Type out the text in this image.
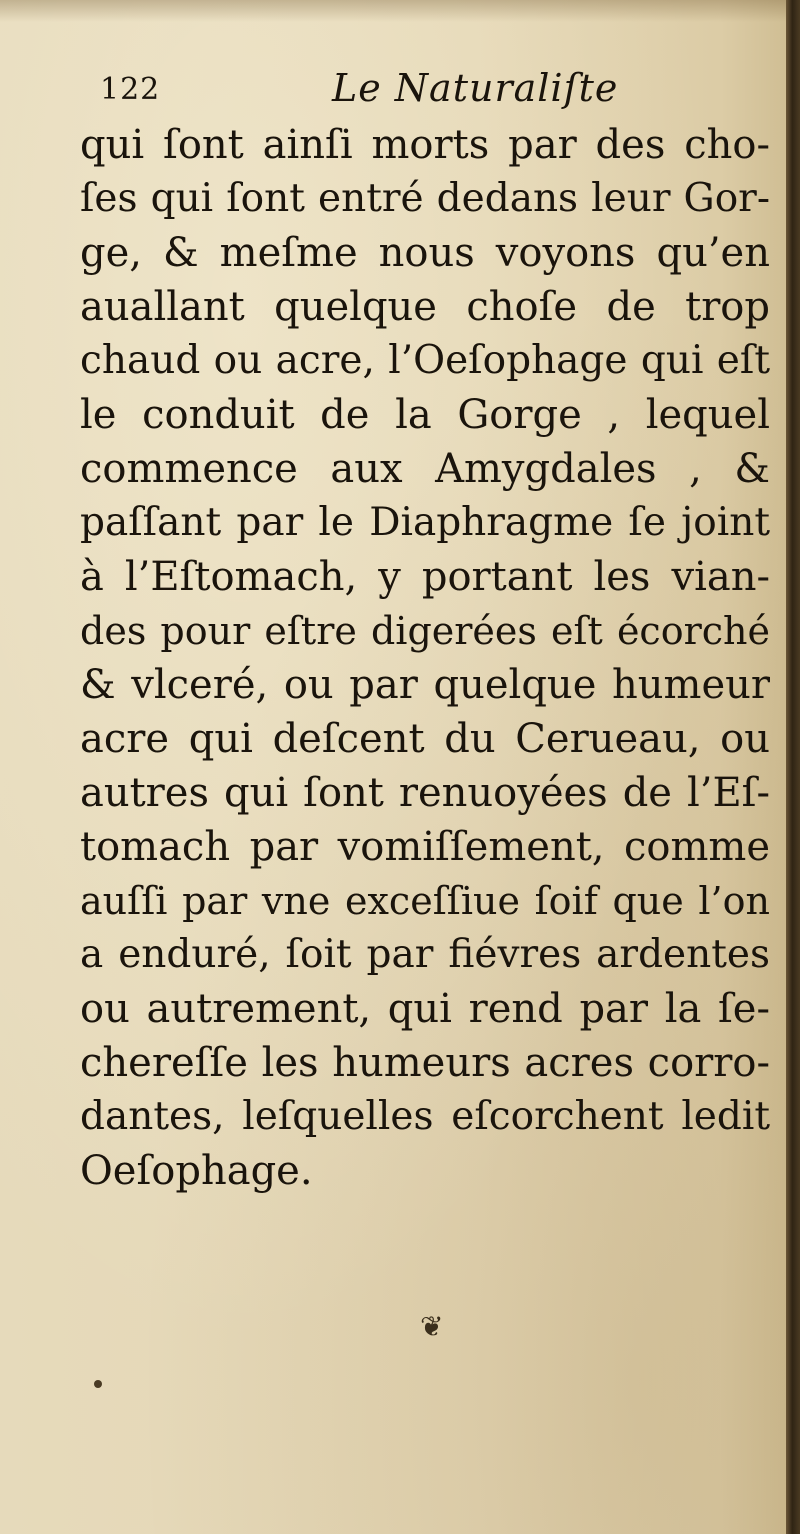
122	Le Naturaliſte
qui ſont ainſi morts par des cho-
ſes qui ſont entré dedans leur Gor-
ge, & meſme nous voyons qu’en
auallant quelque choſe de trop
chaud ou acre, l’Oeſophage qui eſt
le conduit de la Gorge , lequel
commence aux Amygdales , &
paſſant par le Diaphragme ſe joint
à l’Eſtomach, y portant les vian-
des pour eſtre digerées eſt écorché
& vlceré, ou par quelque humeur
acre qui deſcent du Cerueau, ou
autres qui ſont renuoyées de l’Eſ-
tomach par vomiſſement, comme
auſſi par vne exceſſiue ſoif que l’on
a enduré, ſoit par fiévres ardentes
ou autrement, qui rend par la ſe-
chereſſe les humeurs acres corro-
dantes, leſquelles eſcorchent ledit
Oeſophage.
❦
